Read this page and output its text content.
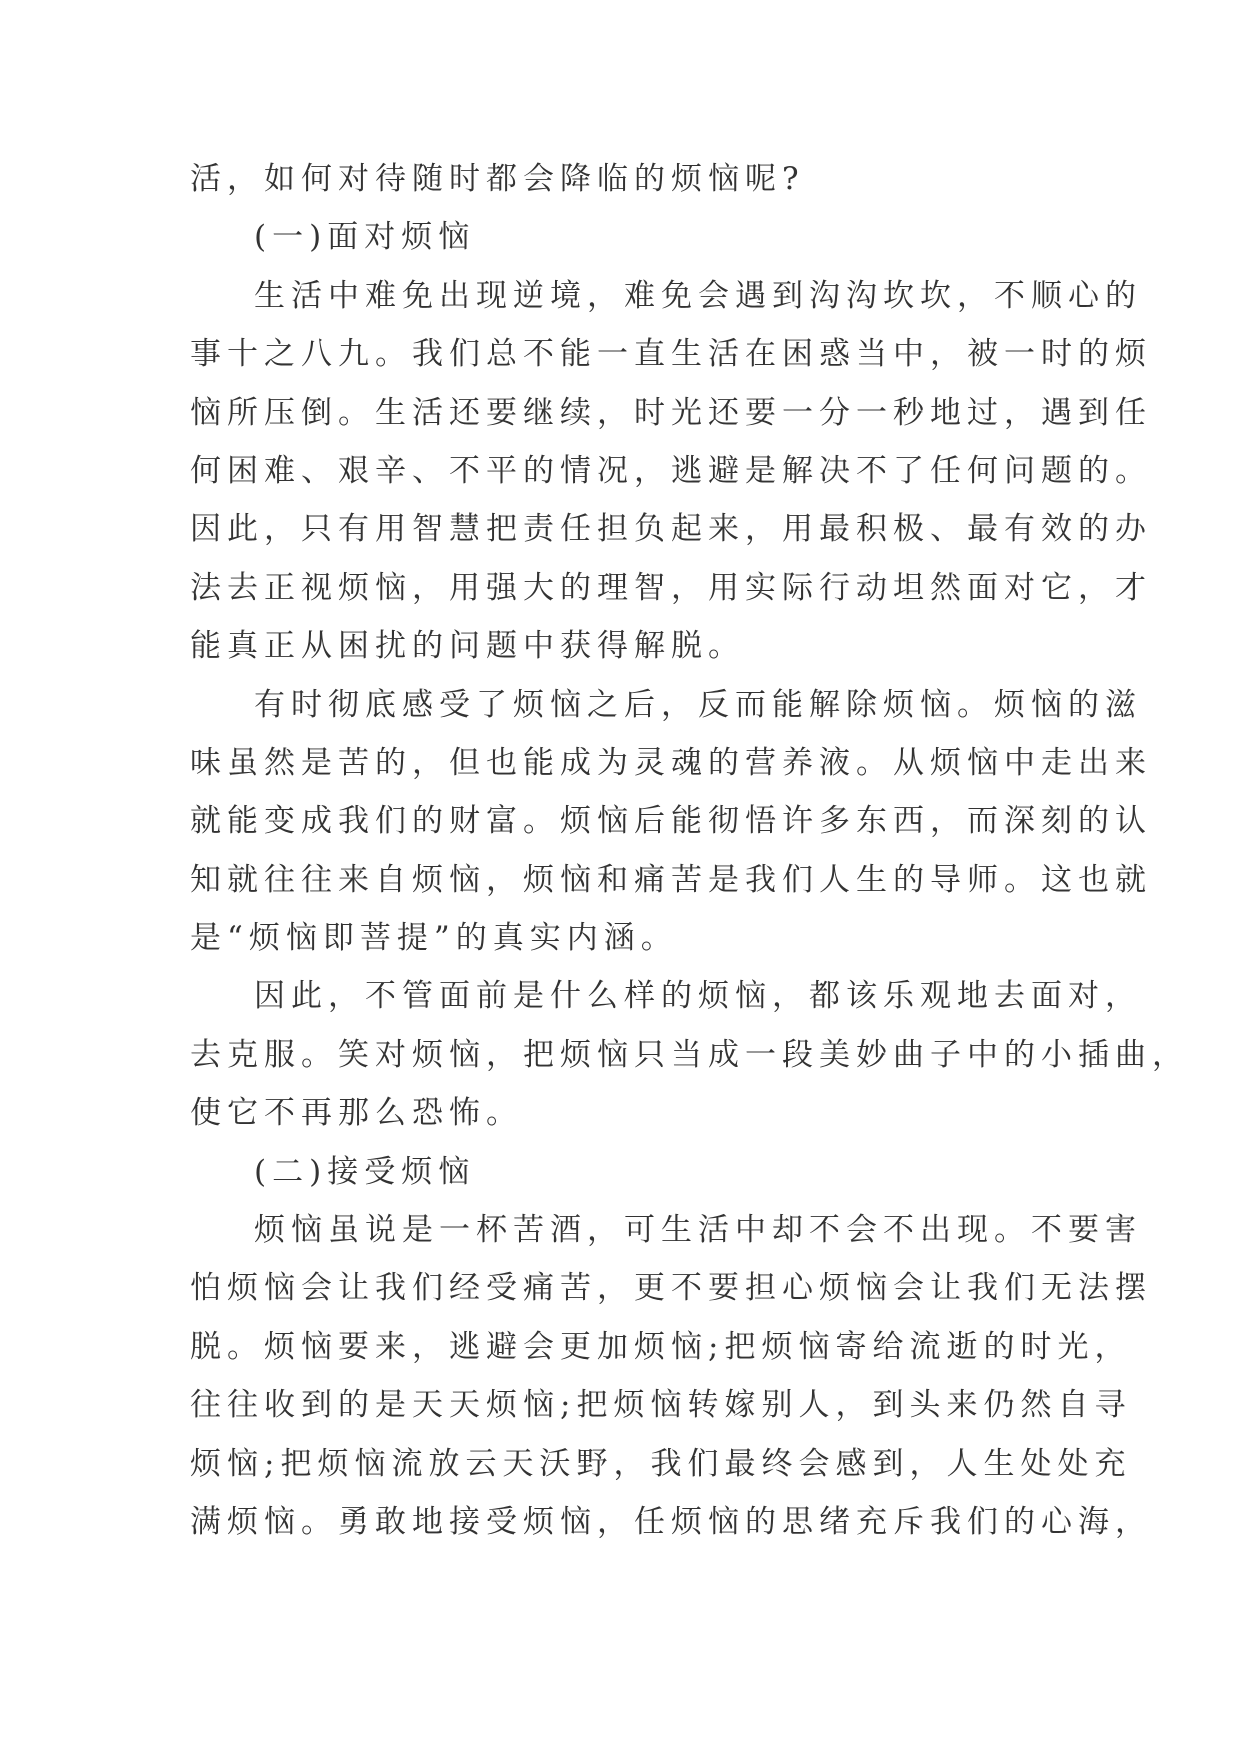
活，如何对待随时都会降临的烦恼呢?
(一)面对烦恼
生活中难免出现逆境，难免会遇到沟沟坎坎，不顺心的
事十之八九。我们总不能一直生活在困惑当中，被一时的烦
恼所压倒。生活还要继续，时光还要一分一秒地过，遇到任
何困难、艰辛、不平的情况，逃避是解决不了任何问题的。
因此，只有用智慧把责任担负起来，用最积极、最有效的办
法去正视烦恼，用强大的理智，用实际行动坦然面对它，才
能真正从困扰的问题中获得解脱。
有时彻底感受了烦恼之后，反而能解除烦恼。烦恼的滋
味虽然是苦的，但也能成为灵魂的营养液。从烦恼中走出来
就能变成我们的财富。烦恼后能彻悟许多东西，而深刻的认
知就往往来自烦恼，烦恼和痛苦是我们人生的导师。这也就
是“烦恼即菩提”的真实内涵。
因此，不管面前是什么样的烦恼，都该乐观地去面对，
去克服。笑对烦恼，把烦恼只当成一段美妙曲子中的小插曲，
使它不再那么恐怖。
(二)接受烦恼
烦恼虽说是一杯苦酒，可生活中却不会不出现。不要害
怕烦恼会让我们经受痛苦，更不要担心烦恼会让我们无法摆
脱。烦恼要来，逃避会更加烦恼;把烦恼寄给流逝的时光，
往往收到的是天天烦恼;把烦恼转嫁别人，到头来仍然自寻
烦恼;把烦恼流放云天沃野，我们最终会感到，人生处处充
满烦恼。勇敢地接受烦恼，任烦恼的思绪充斥我们的心海，
